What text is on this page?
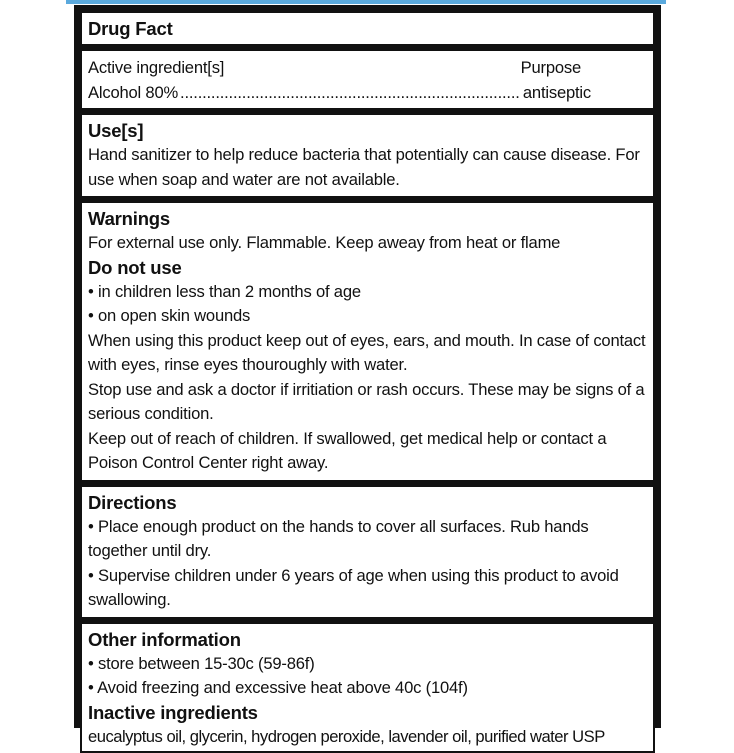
Drug Fact
Active ingredient[s]	Purpose
Alcohol 80%
.....	antiseptic
Use[s]
Hand sanitizer to help reduce bacteria that potentially can cause disease. For use when soap and water are not available.
Warnings
For external use only. Flammable. Keep aweay from heat or flame
Do not use
• in children less than 2 months of age
• on open skin wounds
When using this product keep out of eyes, ears, and mouth. In case of contact with eyes, rinse eyes thouroughly with water.
Stop use and ask a doctor if irritiation or rash occurs. These may be signs of a serious condition.
Keep out of reach of children. If swallowed, get medical help or contact a Poison Control Center right away.
Directions
• Place enough product on the hands to cover all surfaces. Rub hands together until dry.
• Supervise children under 6 years of age when using this product to avoid swallowing.
Other information
• store between 15-30c (59-86f)
• Avoid freezing and excessive heat above 40c (104f)
Inactive ingredients
eucalyptus oil, glycerin, hydrogen peroxide, lavender oil, purified water USP
